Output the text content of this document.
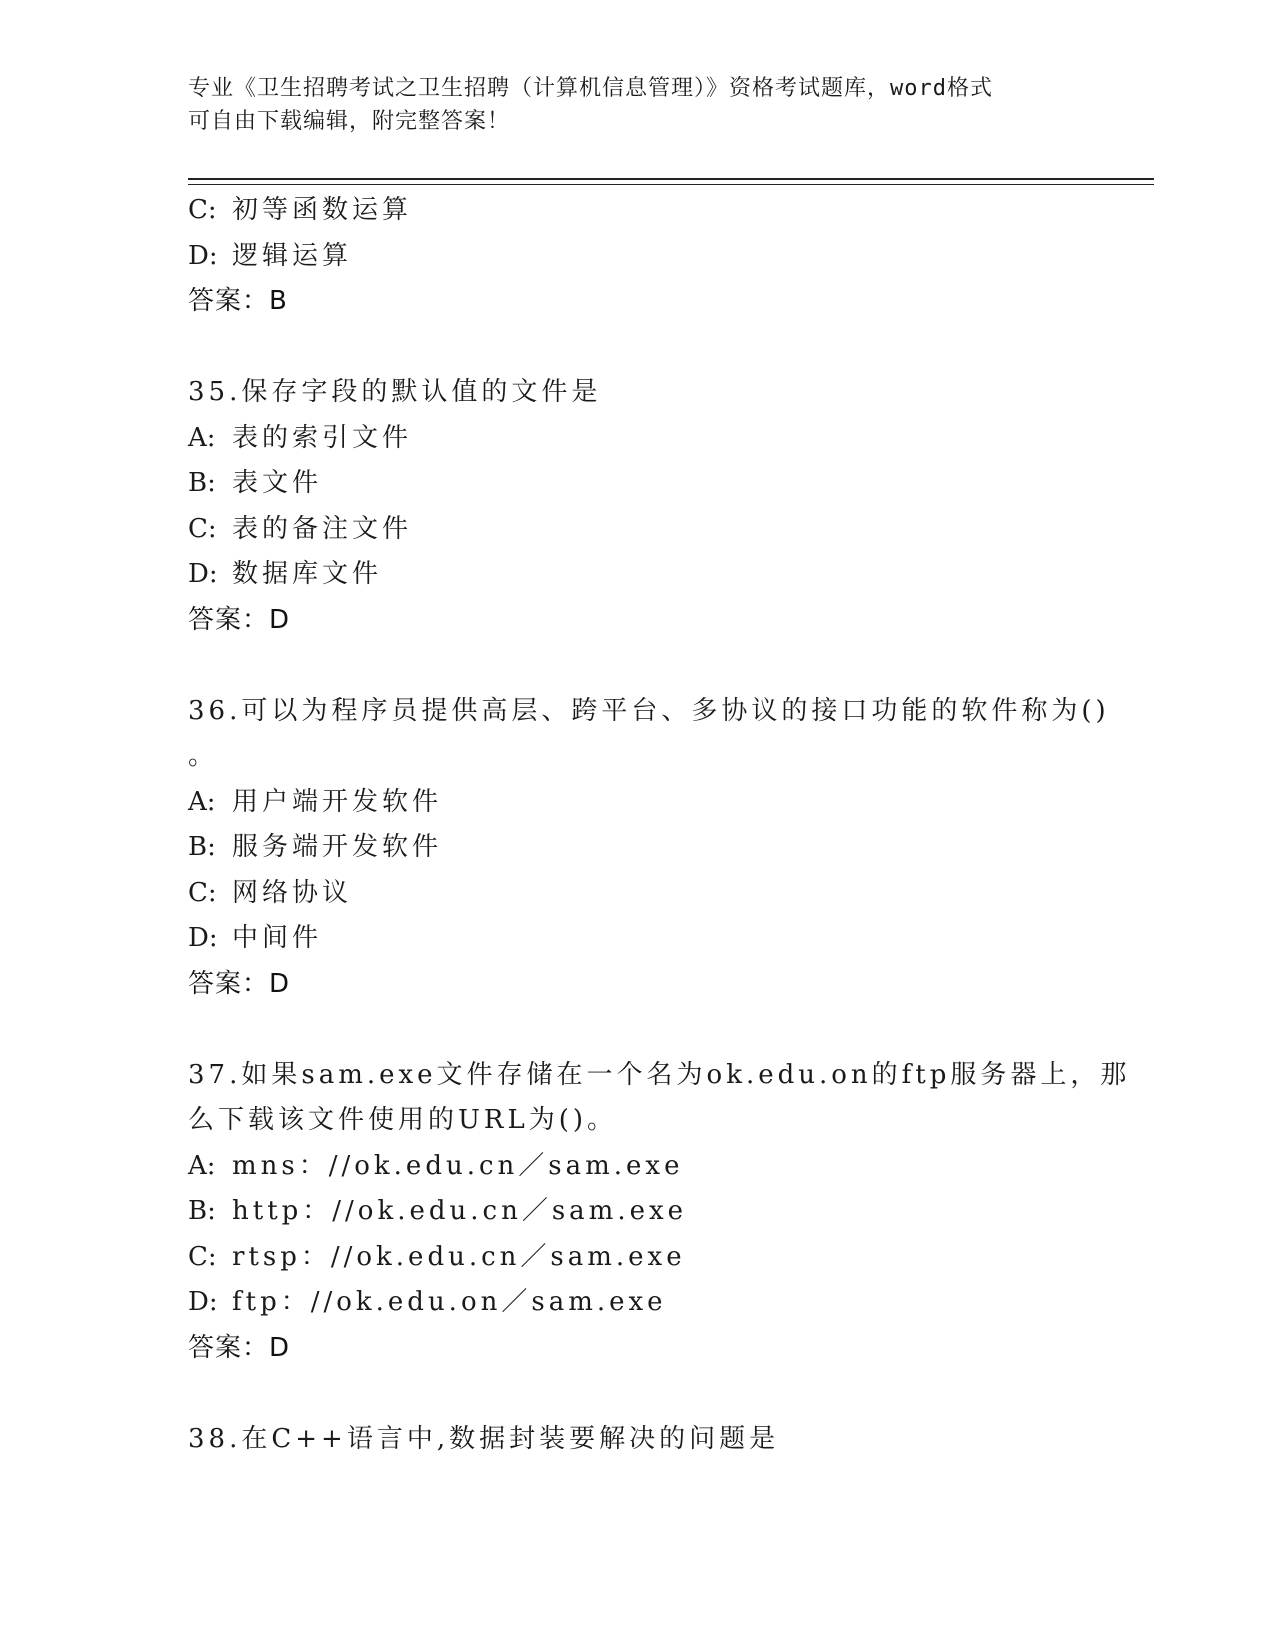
专业《卫生招聘考试之卫生招聘（计算机信息管理）》资格考试题库，word格式
可自由下载编辑，附完整答案！
C: 初等函数运算
D: 逻辑运算
答案：B
35.保存字段的默认值的文件是
A: 表的索引文件
B: 表文件
C: 表的备注文件
D: 数据库文件
答案：D
36.可以为程序员提供高层、跨平台、多协议的接口功能的软件称为()
。
A: 用户端开发软件
B: 服务端开发软件
C: 网络协议
D: 中间件
答案：D
37.如果sam.exe文件存储在一个名为ok.edu.on的ftp服务器上，那
么下载该文件使用的URL为()。
A: mns：//ok.edu.cn／sam.exe
B: http：//ok.edu.cn／sam.exe
C: rtsp：//ok.edu.cn／sam.exe
D: ftp：//ok.edu.on／sam.exe
答案：D
38.在C++语言中,数据封装要解决的问题是
